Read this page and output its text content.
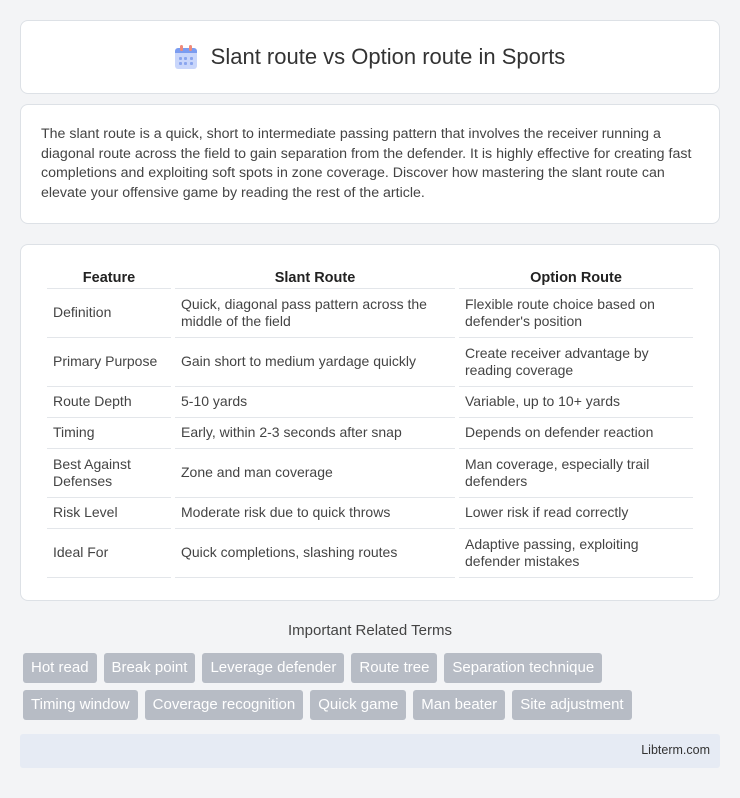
Slant route vs Option route in Sports

The slant route is a quick, short to intermediate passing pattern that involves the receiver running a diagonal route across the field to gain separation from the defender. It is highly effective for creating fast completions and exploiting soft spots in zone coverage. Discover how mastering the slant route can elevate your offensive game by reading the rest of the article.

Feature	Slant Route	Option Route
Definition	Quick, diagonal pass pattern across the middle of the field	Flexible route choice based on defender's position
Primary Purpose	Gain short to medium yardage quickly	Create receiver advantage by reading coverage
Route Depth	5-10 yards	Variable, up to 10+ yards
Timing	Early, within 2-3 seconds after snap	Depends on defender reaction
Best Against Defenses	Zone and man coverage	Man coverage, especially trail defenders
Risk Level	Moderate risk due to quick throws	Lower risk if read correctly
Ideal For	Quick completions, slashing routes	Adaptive passing, exploiting defender mistakes
Important Related Terms
Hot read	Break point	Leverage defender	Route tree	Separation technique
Timing window	Coverage recognition	Quick game	Man beater	Site adjustment
Libterm.com
